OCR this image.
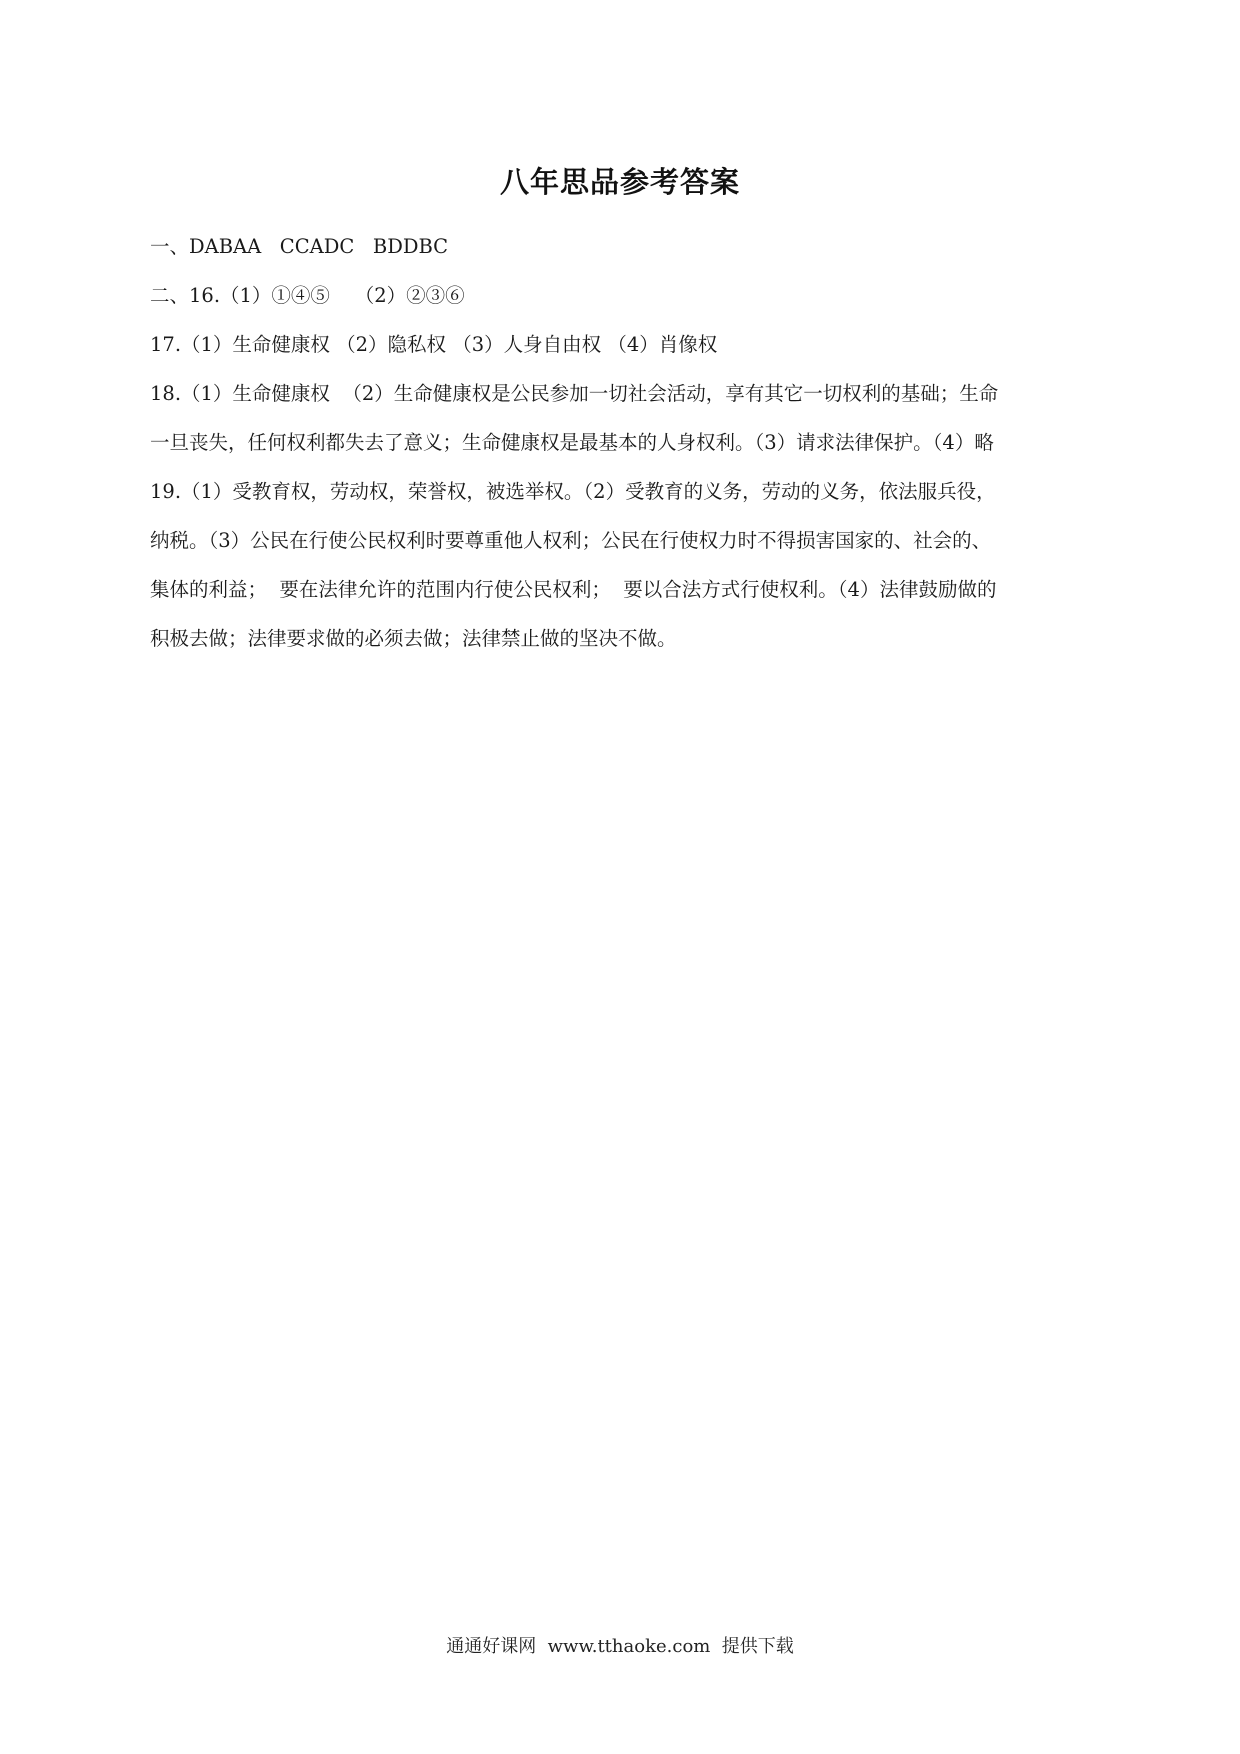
八年思品参考答案
一、DABAA   CCADC   BDDBC
二、16.（1）①④⑤    （2）②③⑥
17.（1）生命健康权 （2）隐私权 （3）人身自由权 （4）肖像权
18.（1）生命健康权  （2）生命健康权是公民参加一切社会活动，享有其它一切权利的基础；生命
一旦丧失，任何权利都失去了意义；生命健康权是最基本的人身权利。（3）请求法律保护。（4）略
19.（1）受教育权，劳动权，荣誉权，被选举权。（2）受教育的义务，劳动的义务，依法服兵役，
纳税。（3）公民在行使公民权利时要尊重他人权利；公民在行使权力时不得损害国家的、社会的、
集体的利益；  要在法律允许的范围内行使公民权利；  要以合法方式行使权利。（4）法律鼓励做的
积极去做；法律要求做的必须去做；法律禁止做的坚决不做。
通通好课网  www.tthaoke.com  提供下载
